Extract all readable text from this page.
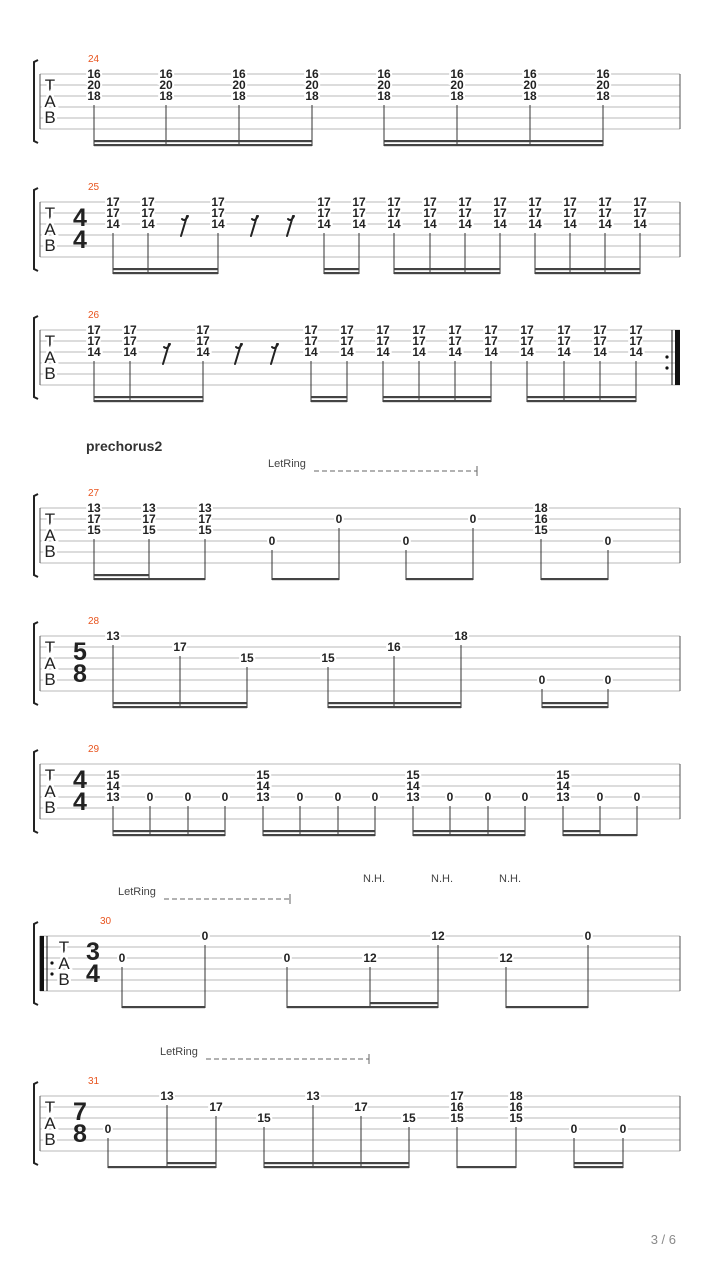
prechorus2
T
A
B
24
16
20
18
16
20
18
16
20
18
16
20
18
16
20
18
16
20
18
16
20
18
16
20
18
T
A
B
25
4
4
17
17
14
17
17
14
17
17
14
17
17
14
17
17
14
17
17
14
17
17
14
17
17
14
17
17
14
17
17
14
17
17
14
17
17
14
17
17
14
T
A
B
26
17
17
14
17
17
14
17
17
14
17
17
14
17
17
14
17
17
14
17
17
14
17
17
14
17
17
14
17
17
14
17
17
14
17
17
14
17
17
14
T
A
B
27
13
17
15
13
17
15
13
17
15
0
0
0
0
18
16
15
0
LetRing
T
A
B
28
5
8
13
17
15	15
16
18
0	0
T
A
B
29
4
4
15
14
13 0	0	0
15
14
13 0	0	0
15
14
13 0	0	0
15
14
13 0	0
T
A
B
30
3
4
0
0
0	12
12
12
0
LetRing
N.H.	N.H.	N.H.
T
A
B
31
7
8 0
13
17
15
13
17
15
17
16
15
18
16
15
0	0
LetRing
3 / 6
